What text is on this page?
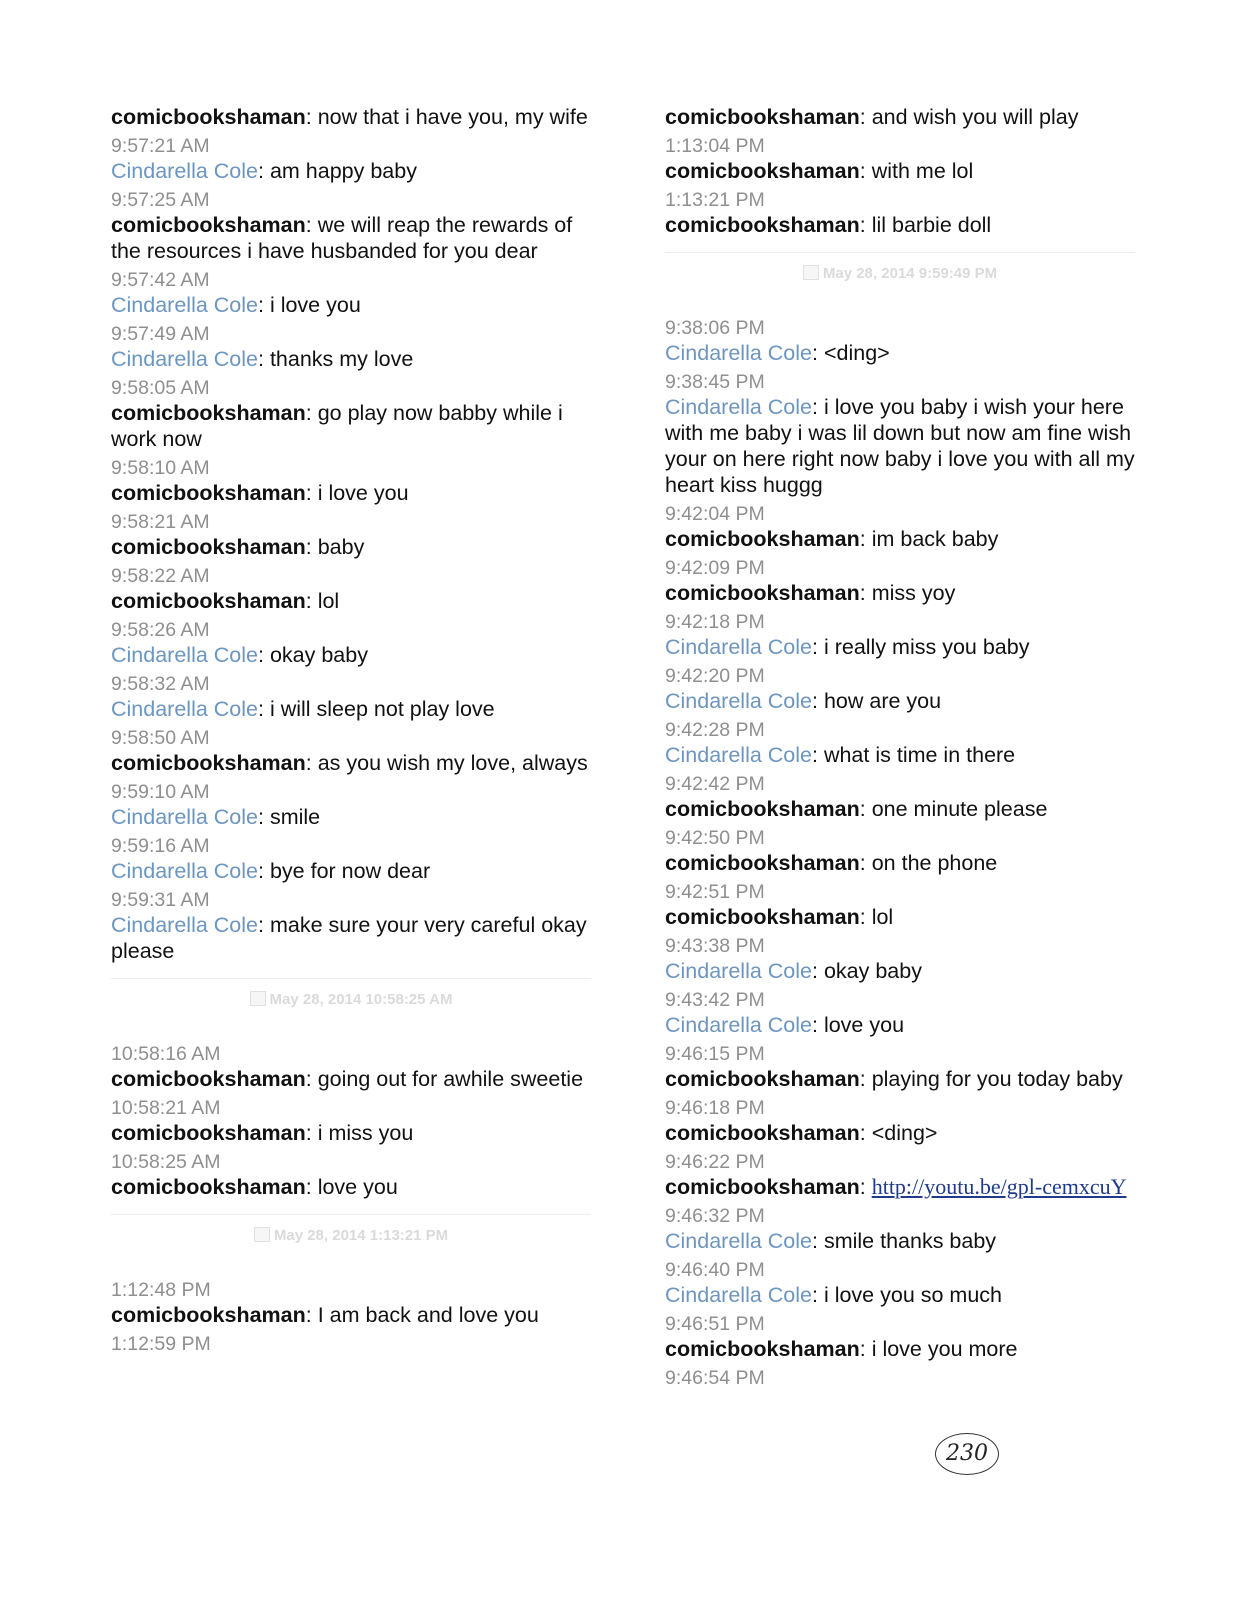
comicbookshaman: now that i have you, my wife
9:57:21 AM
Cindarella Cole: am happy baby
9:57:25 AM
comicbookshaman: we will reap the rewards of the resources i have husbanded for you dear
9:57:42 AM
Cindarella Cole: i love you
9:57:49 AM
Cindarella Cole: thanks my love
9:58:05 AM
comicbookshaman: go play now babby while i work now
9:58:10 AM
comicbookshaman: i love you
9:58:21 AM
comicbookshaman: baby
9:58:22 AM
comicbookshaman: lol
9:58:26 AM
Cindarella Cole: okay baby
9:58:32 AM
Cindarella Cole: i will sleep not play love
9:58:50 AM
comicbookshaman: as you wish my love, always
9:59:10 AM
Cindarella Cole: smile
9:59:16 AM
Cindarella Cole: bye for now dear
9:59:31 AM
Cindarella Cole: make sure your very careful okay please
May 28, 2014 10:58:25 AM
10:58:16 AM
comicbookshaman: going out for awhile sweetie
10:58:21 AM
comicbookshaman: i miss you
10:58:25 AM
comicbookshaman: love you
May 28, 2014 1:13:21 PM
1:12:48 PM
comicbookshaman: I am back and love you
1:12:59 PM
comicbookshaman: and wish you will play
1:13:04 PM
comicbookshaman: with me lol
1:13:21 PM
comicbookshaman: lil barbie doll
May 28, 2014 9:59:49 PM
9:38:06 PM
Cindarella Cole: <ding>
9:38:45 PM
Cindarella Cole: i love you baby i wish your here with me baby i was lil down but now am fine wish your on here right now baby i love you with all my heart kiss huggg
9:42:04 PM
comicbookshaman: im back baby
9:42:09 PM
comicbookshaman: miss yoy
9:42:18 PM
Cindarella Cole: i really miss you baby
9:42:20 PM
Cindarella Cole: how are you
9:42:28 PM
Cindarella Cole: what is time in there
9:42:42 PM
comicbookshaman: one minute please
9:42:50 PM
comicbookshaman: on the phone
9:42:51 PM
comicbookshaman: lol
9:43:38 PM
Cindarella Cole: okay baby
9:43:42 PM
Cindarella Cole: love you
9:46:15 PM
comicbookshaman: playing for you today baby
9:46:18 PM
comicbookshaman: <ding>
9:46:22 PM
comicbookshaman: http://youtu.be/gpl-cemxcuY
9:46:32 PM
Cindarella Cole: smile thanks baby
9:46:40 PM
Cindarella Cole: i love you so much
9:46:51 PM
comicbookshaman: i love you more
9:46:54 PM
230
